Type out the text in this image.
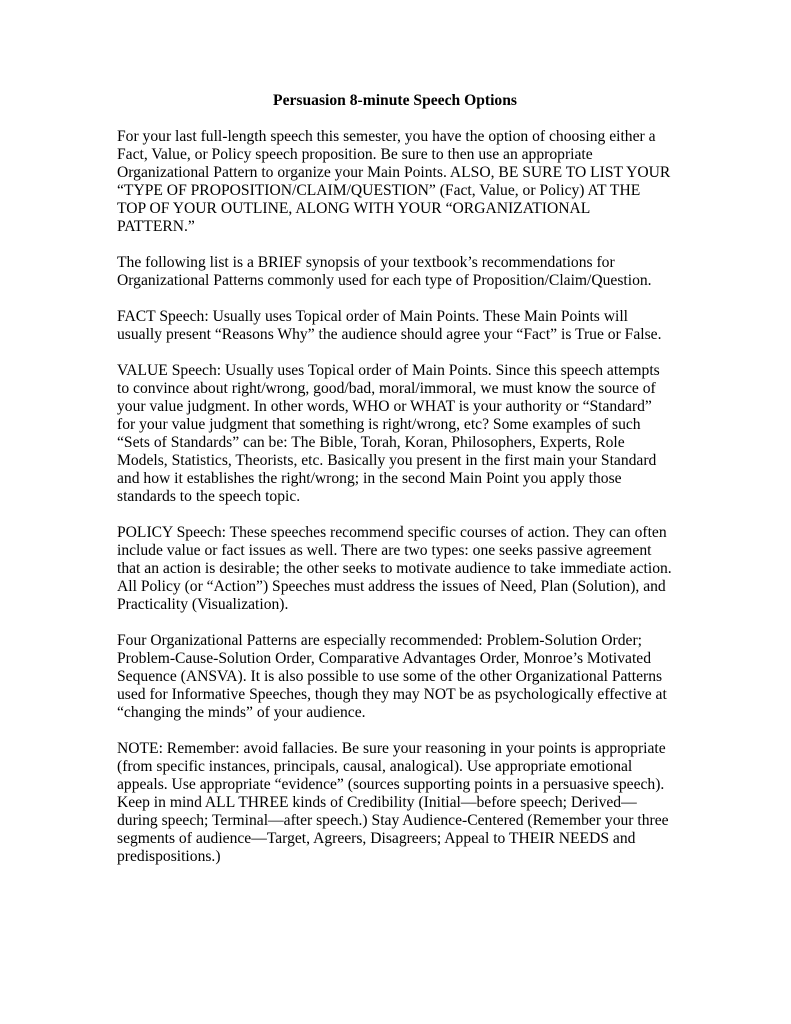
Persuasion 8-minute Speech Options
For your last full-length speech this semester, you have the option of choosing either a
Fact, Value, or Policy speech proposition. Be sure to then use an appropriate
Organizational Pattern to organize your Main Points. ALSO, BE SURE TO LIST YOUR
“TYPE OF PROPOSITION/CLAIM/QUESTION” (Fact, Value, or Policy) AT THE
TOP OF YOUR OUTLINE, ALONG WITH YOUR “ORGANIZATIONAL
PATTERN.”
The following list is a BRIEF synopsis of your textbook’s recommendations for
Organizational Patterns commonly used for each type of Proposition/Claim/Question.
FACT Speech: Usually uses Topical order of Main Points. These Main Points will
usually present “Reasons Why” the audience should agree your “Fact” is True or False.
VALUE Speech: Usually uses Topical order of Main Points. Since this speech attempts
to convince about right/wrong, good/bad, moral/immoral, we must know the source of
your value judgment. In other words, WHO or WHAT is your authority or “Standard”
for your value judgment that something is right/wrong, etc? Some examples of such
“Sets of Standards” can be: The Bible, Torah, Koran, Philosophers, Experts, Role
Models, Statistics, Theorists, etc. Basically you present in the first main your Standard
and how it establishes the right/wrong; in the second Main Point you apply those
standards to the speech topic.
POLICY Speech: These speeches recommend specific courses of action. They can often
include value or fact issues as well. There are two types: one seeks passive agreement
that an action is desirable; the other seeks to motivate audience to take immediate action.
All Policy (or “Action”) Speeches must address the issues of Need, Plan (Solution), and
Practicality (Visualization).
Four Organizational Patterns are especially recommended: Problem-Solution Order;
Problem-Cause-Solution Order, Comparative Advantages Order, Monroe’s Motivated
Sequence (ANSVA). It is also possible to use some of the other Organizational Patterns
used for Informative Speeches, though they may NOT be as psychologically effective at
“changing the minds” of your audience.
NOTE: Remember: avoid fallacies. Be sure your reasoning in your points is appropriate
(from specific instances, principals, causal, analogical). Use appropriate emotional
appeals. Use appropriate “evidence” (sources supporting points in a persuasive speech).
Keep in mind ALL THREE kinds of Credibility (Initial—before speech; Derived—
during speech; Terminal—after speech.) Stay Audience-Centered (Remember your three
segments of audience—Target, Agreers, Disagreers; Appeal to THEIR NEEDS and
predispositions.)
